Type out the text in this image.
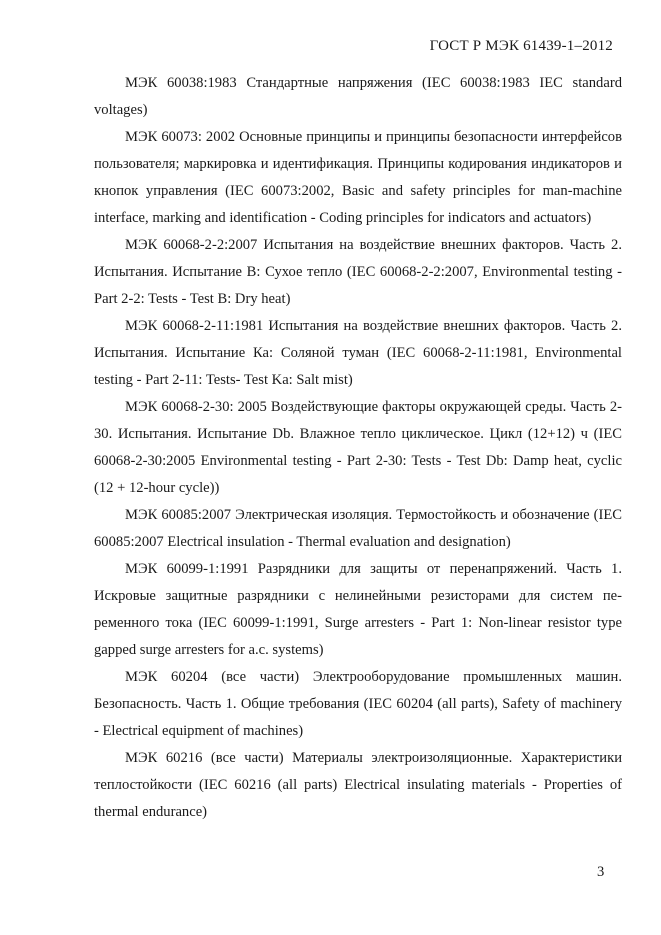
ГОСТ Р МЭК 61439-1–2012

МЭК 60038:1983 Стандартные напряжения (IEC 60038:1983 IEC standard voltages)

МЭК 60073: 2002 Основные принципы и принципы безопасности интерфейсов пользователя; маркировка и идентификация. Принципы кодирования индикаторов и кнопок управления (IEC 60073:2002, Basic and safety principles for man-machine interface, marking and identification - Coding principles for indicators and actuators)

МЭК 60068-2-2:2007 Испытания на воздействие внешних факторов. Часть 2. Испытания. Испытание В: Сухое тепло (IEC 60068-2-2:2007, Environmental testing - Part 2-2: Tests - Test B: Dry heat)

МЭК 60068-2-11:1981 Испытания на воздействие внешних факторов. Часть 2. Испытания. Испытание Ка: Соляной туман (IEC 60068-2-11:1981, Environmental testing - Part 2-11: Tests- Test Ka: Salt mist)

МЭК 60068-2-30: 2005 Воздействующие факторы окружающей среды. Часть 2-30. Испытания. Испытание Db. Влажное тепло циклическое. Цикл (12+12) ч (IEC 60068-2-30:2005 Environmental testing - Part 2-30: Tests - Test Db: Damp heat, cyclic (12 + 12-hour cycle))

МЭК 60085:2007 Электрическая изоляция. Термостойкость и обозначение (IEC 60085:2007 Electrical insulation - Thermal evaluation and designation)

МЭК 60099-1:1991 Разрядники для защиты от перенапряжений. Часть 1. Искровые защитные разрядники с нелинейными резисторами для систем переменного тока (IEC 60099-1:1991, Surge arresters - Part 1: Non-linear resistor type gapped surge arresters for a.c. systems)

МЭК 60204 (все части) Электрооборудование промышленных машин. Безопасность. Часть 1. Общие требования (IEC 60204 (all parts), Safety of machinery - Electrical equipment of machines)

МЭК 60216 (все части) Материалы электроизоляционные. Характеристики теплостойкости (IEC 60216 (all parts) Electrical insulating materials - Properties of thermal endurance)

3
